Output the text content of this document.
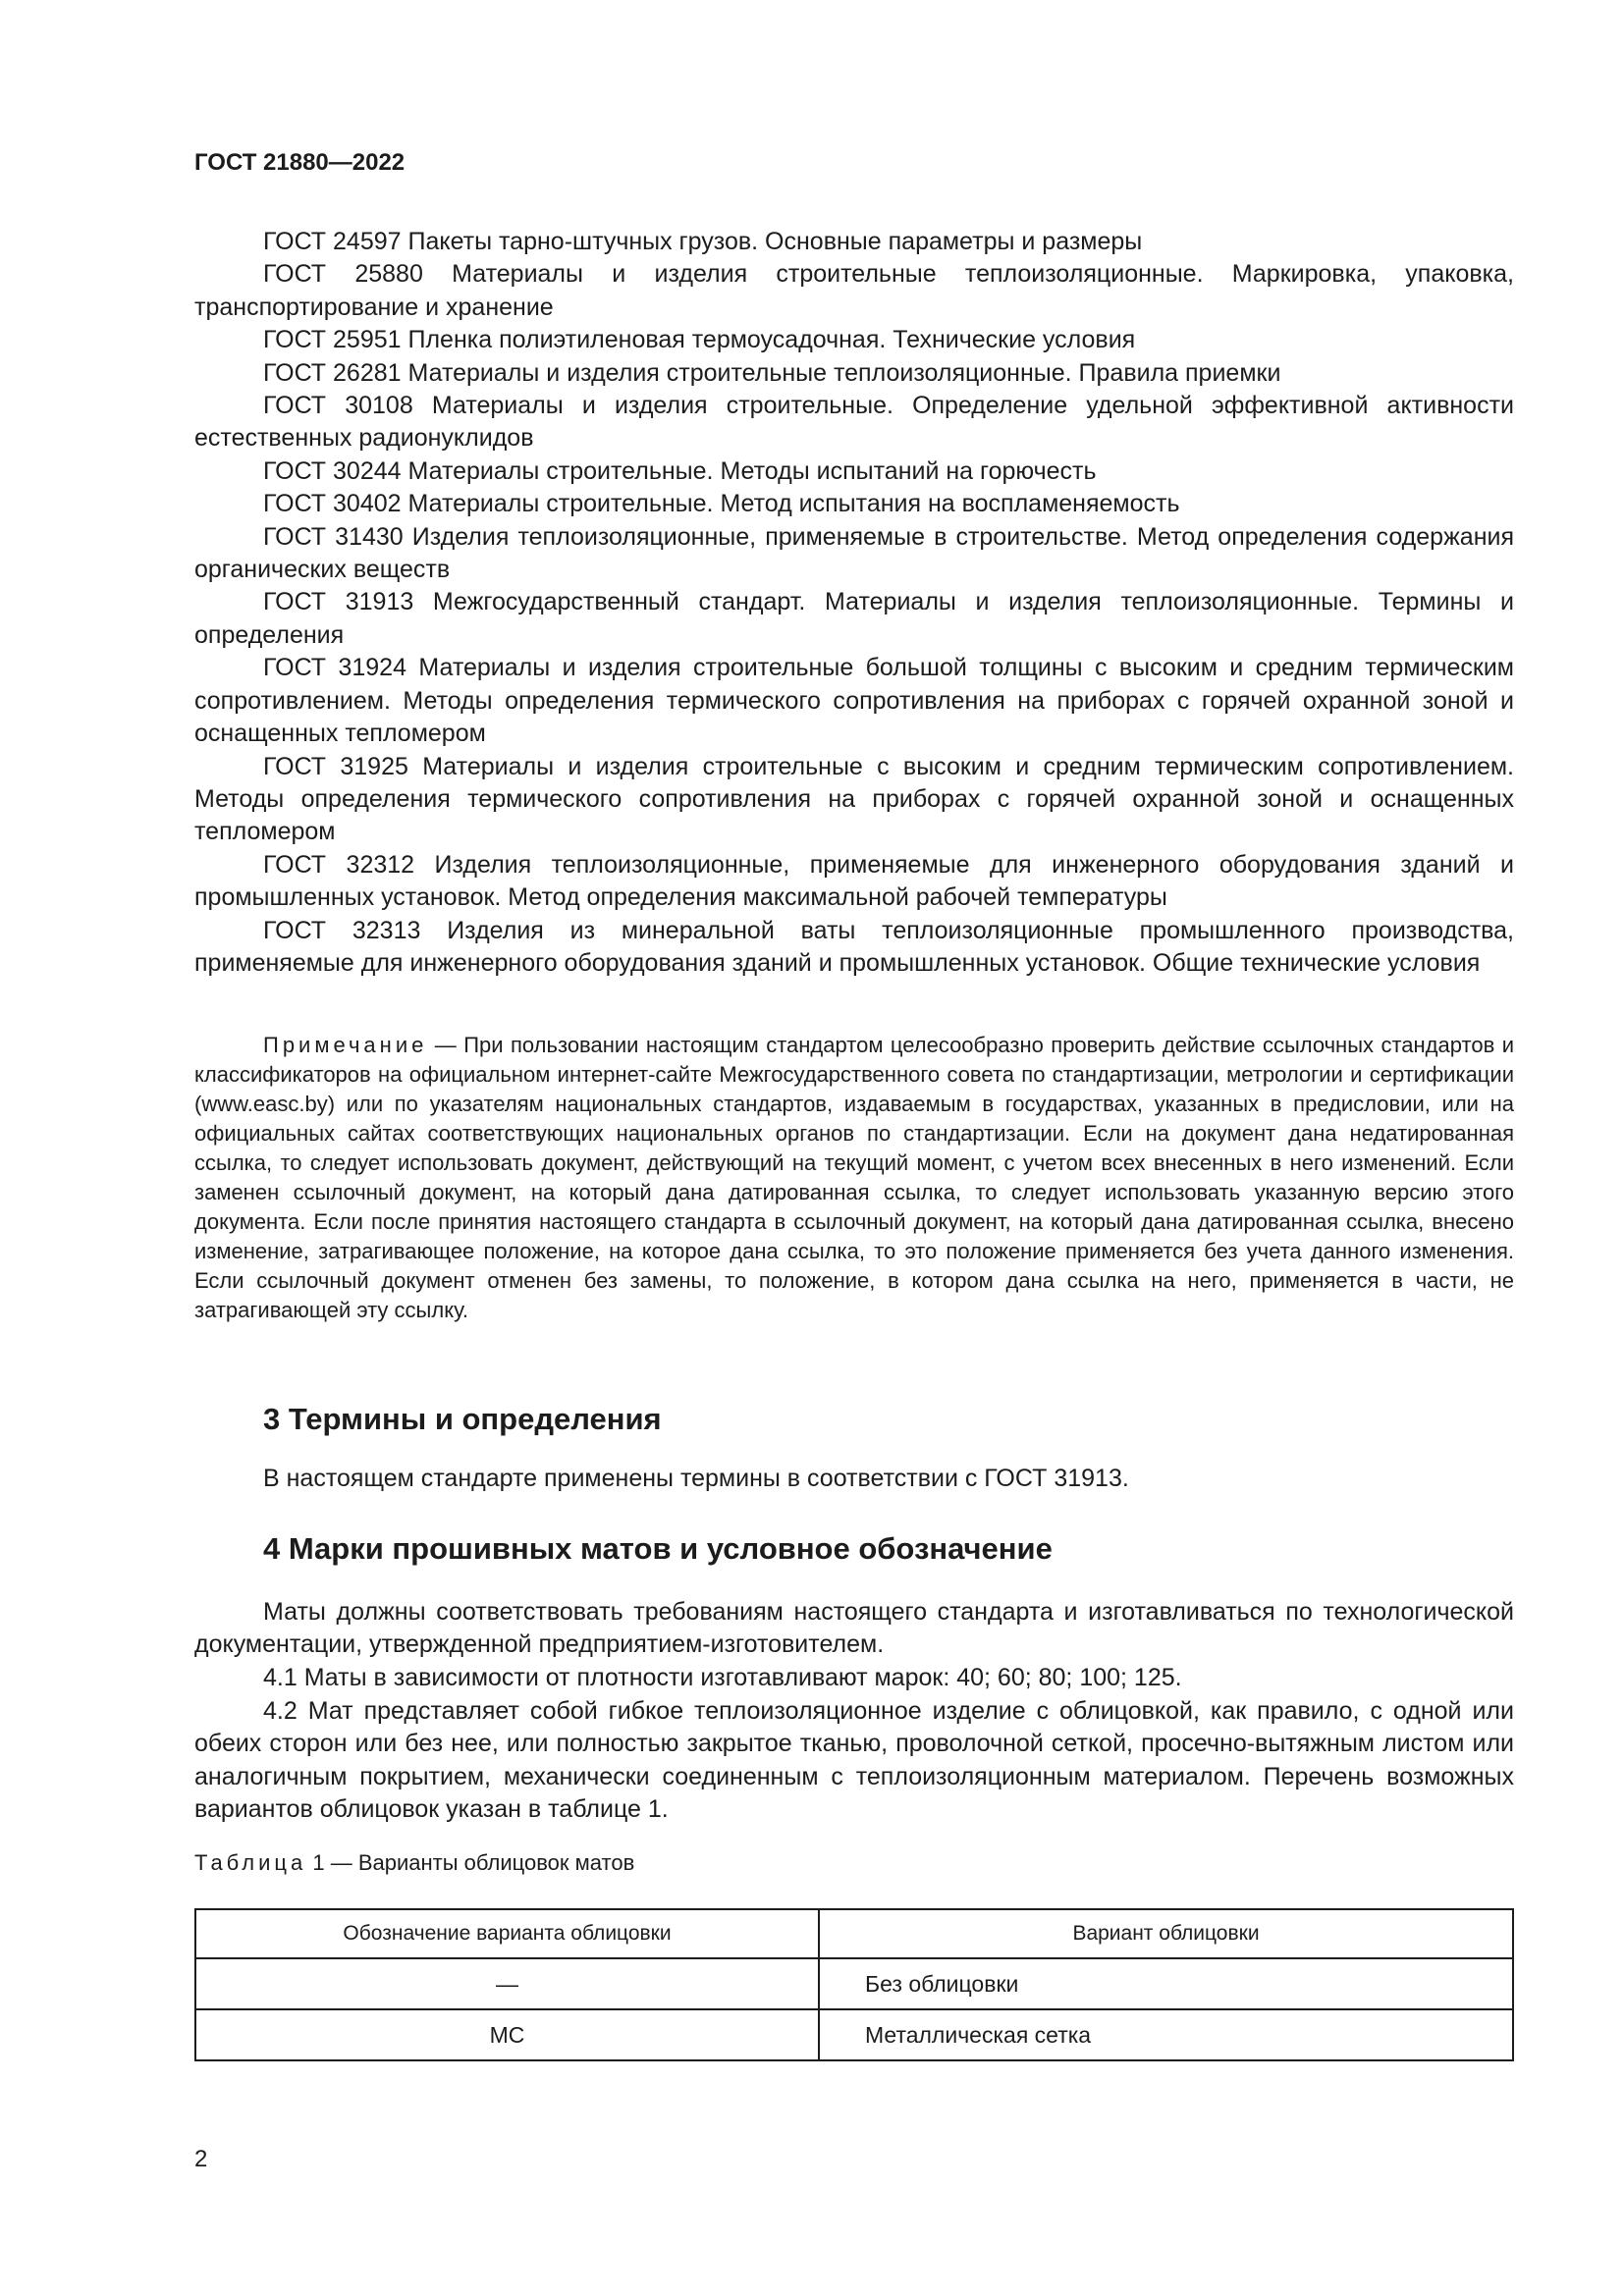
ГОСТ 21880—2022

ГОСТ 24597 Пакеты тарно-штучных грузов. Основные параметры и размеры

ГОСТ 25880 Материалы и изделия строительные теплоизоляционные. Маркировка, упаковка, транспортирование и хранение

ГОСТ 25951 Пленка полиэтиленовая термоусадочная. Технические условия

ГОСТ 26281 Материалы и изделия строительные теплоизоляционные. Правила приемки

ГОСТ 30108 Материалы и изделия строительные. Определение удельной эффективной активности естественных радионуклидов

ГОСТ 30244 Материалы строительные. Методы испытаний на горючесть

ГОСТ 30402 Материалы строительные. Метод испытания на воспламеняемость

ГОСТ 31430 Изделия теплоизоляционные, применяемые в строительстве. Метод определения содержания органических веществ

ГОСТ 31913 Межгосударственный стандарт. Материалы и изделия теплоизоляционные. Термины и определения

ГОСТ 31924 Материалы и изделия строительные большой толщины с высоким и средним термическим сопротивлением. Методы определения термического сопротивления на приборах с горячей охранной зоной и оснащенных тепломером

ГОСТ 31925 Материалы и изделия строительные с высоким и средним термическим сопротивлением. Методы определения термического сопротивления на приборах с горячей охранной зоной и оснащенных тепломером

ГОСТ 32312 Изделия теплоизоляционные, применяемые для инженерного оборудования зданий и промышленных установок. Метод определения максимальной рабочей температуры

ГОСТ 32313 Изделия из минеральной ваты теплоизоляционные промышленного производства, применяемые для инженерного оборудования зданий и промышленных установок. Общие технические условия

Примечание — При пользовании настоящим стандартом целесообразно проверить действие ссылочных стандартов и классификаторов на официальном интернет-сайте Межгосударственного совета по стандартизации, метрологии и сертификации (www.easc.by) или по указателям национальных стандартов, издаваемым в государствах, указанных в предисловии, или на официальных сайтах соответствующих национальных органов по стандартизации. Если на документ дана недатированная ссылка, то следует использовать документ, действующий на текущий момент, с учетом всех внесенных в него изменений. Если заменен ссылочный документ, на который дана датированная ссылка, то следует использовать указанную версию этого документа. Если после принятия настоящего стандарта в ссылочный документ, на который дана датированная ссылка, внесено изменение, затрагивающее положение, на которое дана ссылка, то это положение применяется без учета данного изменения. Если ссылочный документ отменен без замены, то положение, в котором дана ссылка на него, применяется в части, не затрагивающей эту ссылку.

3 Термины и определения

В настоящем стандарте применены термины в соответствии с ГОСТ 31913.

4 Марки прошивных матов и условное обозначение

Маты должны соответствовать требованиям настоящего стандарта и изготавливаться по технологической документации, утвержденной предприятием-изготовителем.

4.1 Маты в зависимости от плотности изготавливают марок: 40; 60; 80; 100; 125.

4.2 Мат представляет собой гибкое теплоизоляционное изделие с облицовкой, как правило, с одной или обеих сторон или без нее, или полностью закрытое тканью, проволочной сеткой, просечно-вытяжным листом или аналогичным покрытием, механически соединенным с теплоизоляционным материалом. Перечень возможных вариантов облицовок указан в таблице 1.

Таблица 1 — Варианты облицовок матов
Обозначение варианта облицовки	Вариант облицовки
—	Без облицовки
МС	Металлическая сетка
2
